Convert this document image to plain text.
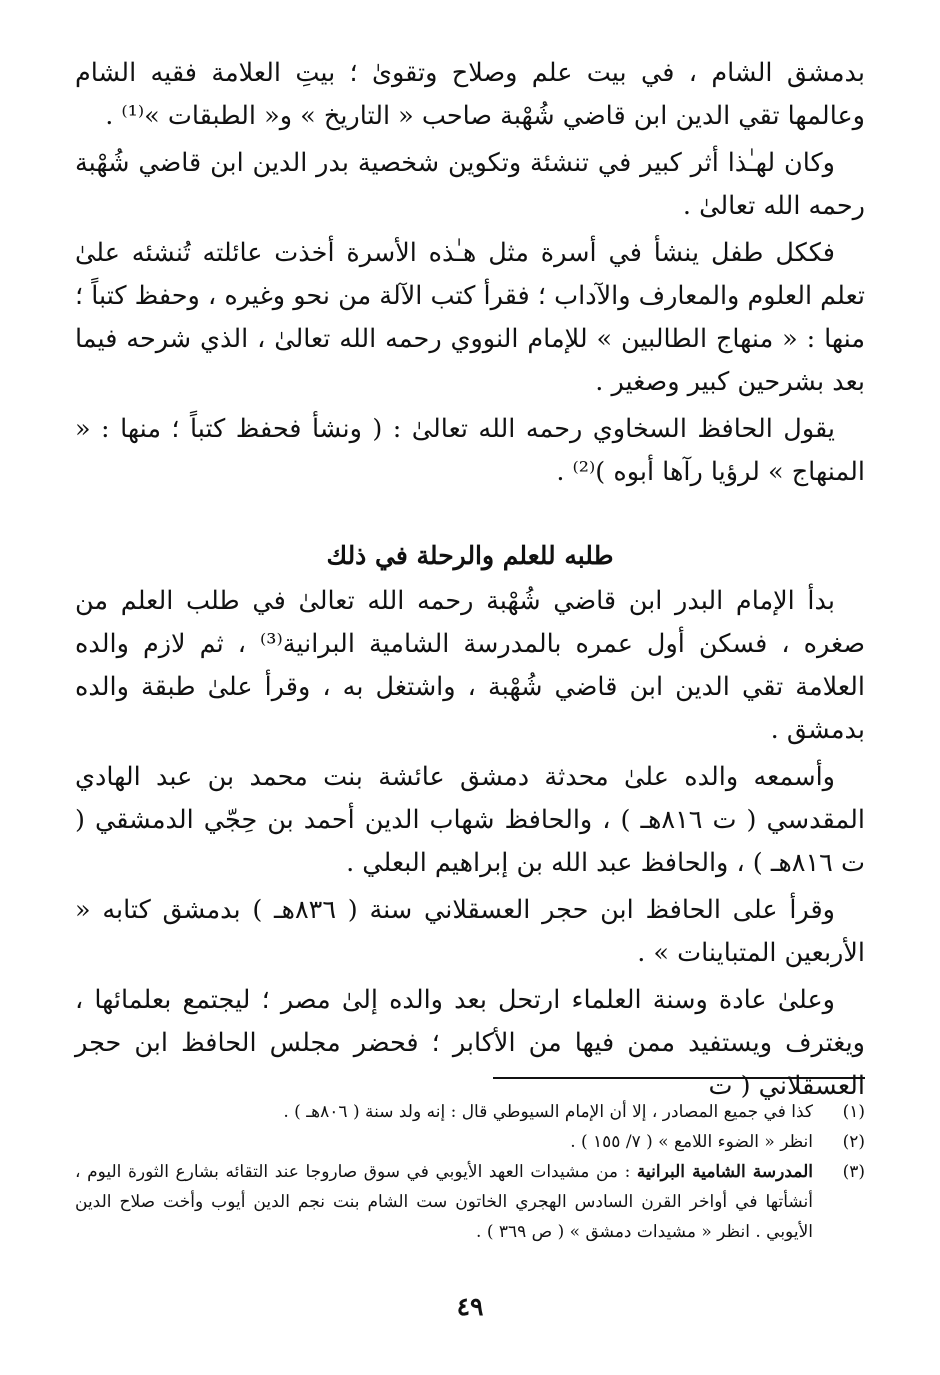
بدمشق الشام ، في بيت علم وصلاح وتقوىٰ ؛ بيتِ العلامة فقيه الشام وعالمها تقي الدين ابن قاضي شُهْبة صاحب « التاريخ » و« الطبقات »⁽¹⁾ .

وكان لهـٰذا أثر كبير في تنشئة وتكوين شخصية بدر الدين ابن قاضي شُهْبة رحمه الله تعالىٰ .

فككل طفل ينشأ في أسرة مثل هـٰذه الأسرة أخذت عائلته تُنشئه علىٰ تعلم العلوم والمعارف والآداب ؛ فقرأ كتب الآلة من نحو وغيره ، وحفظ كتباً ؛ منها : « منهاج الطالبين » للإمام النووي رحمه الله تعالىٰ ، الذي شرحه فيما بعد بشرحين كبير وصغير .

يقول الحافظ السخاوي رحمه الله تعالىٰ : ( ونشأ فحفظ كتباً ؛ منها : « المنهاج » لرؤيا رآها أبوه )⁽²⁾ .

طلبه للعلم والرحلة في ذلك

بدأ الإمام البدر ابن قاضي شُهْبة رحمه الله تعالىٰ في طلب العلم من صغره ، فسكن أول عمره بالمدرسة الشامية البرانية⁽³⁾ ، ثم لازم والده العلامة تقي الدين ابن قاضي شُهْبة ، واشتغل به ، وقرأ علىٰ طبقة والده بدمشق .

وأسمعه والده علىٰ محدثة دمشق عائشة بنت محمد بن عبد الهادي المقدسي ( ت ٨١٦هـ ) ، والحافظ شهاب الدين أحمد بن حِجّي الدمشقي ( ت ٨١٦هـ ) ، والحافظ عبد الله بن إبراهيم البعلي .

وقرأ على الحافظ ابن حجر العسقلاني سنة ( ٨٣٦هـ ) بدمشق كتابه « الأربعين المتباينات » .

وعلىٰ عادة وسنة العلماء ارتحل بعد والده إلىٰ مصر ؛ ليجتمع بعلمائها ، ويغترف ويستفيد ممن فيها من الأكابر ؛ فحضر مجلس الحافظ ابن حجر العسقلاني ( ت

(١)
كذا في جميع المصادر ، إلا أن الإمام السيوطي قال : إنه ولد سنة ( ٨٠٦هـ ) .
(٢)
انظر « الضوء اللامع » ( ٧/ ١٥٥ ) .
(٣)
المدرسة الشامية البرانية : من مشيدات العهد الأيوبي في سوق صاروجا عند التقائه بشارع الثورة اليوم ، أنشأتها في أواخر القرن السادس الهجري الخاتون ست الشام بنت نجم الدين أيوب وأخت صلاح الدين الأيوبي . انظر « مشيدات دمشق » ( ص ٣٦٩ ) .
٤٩
